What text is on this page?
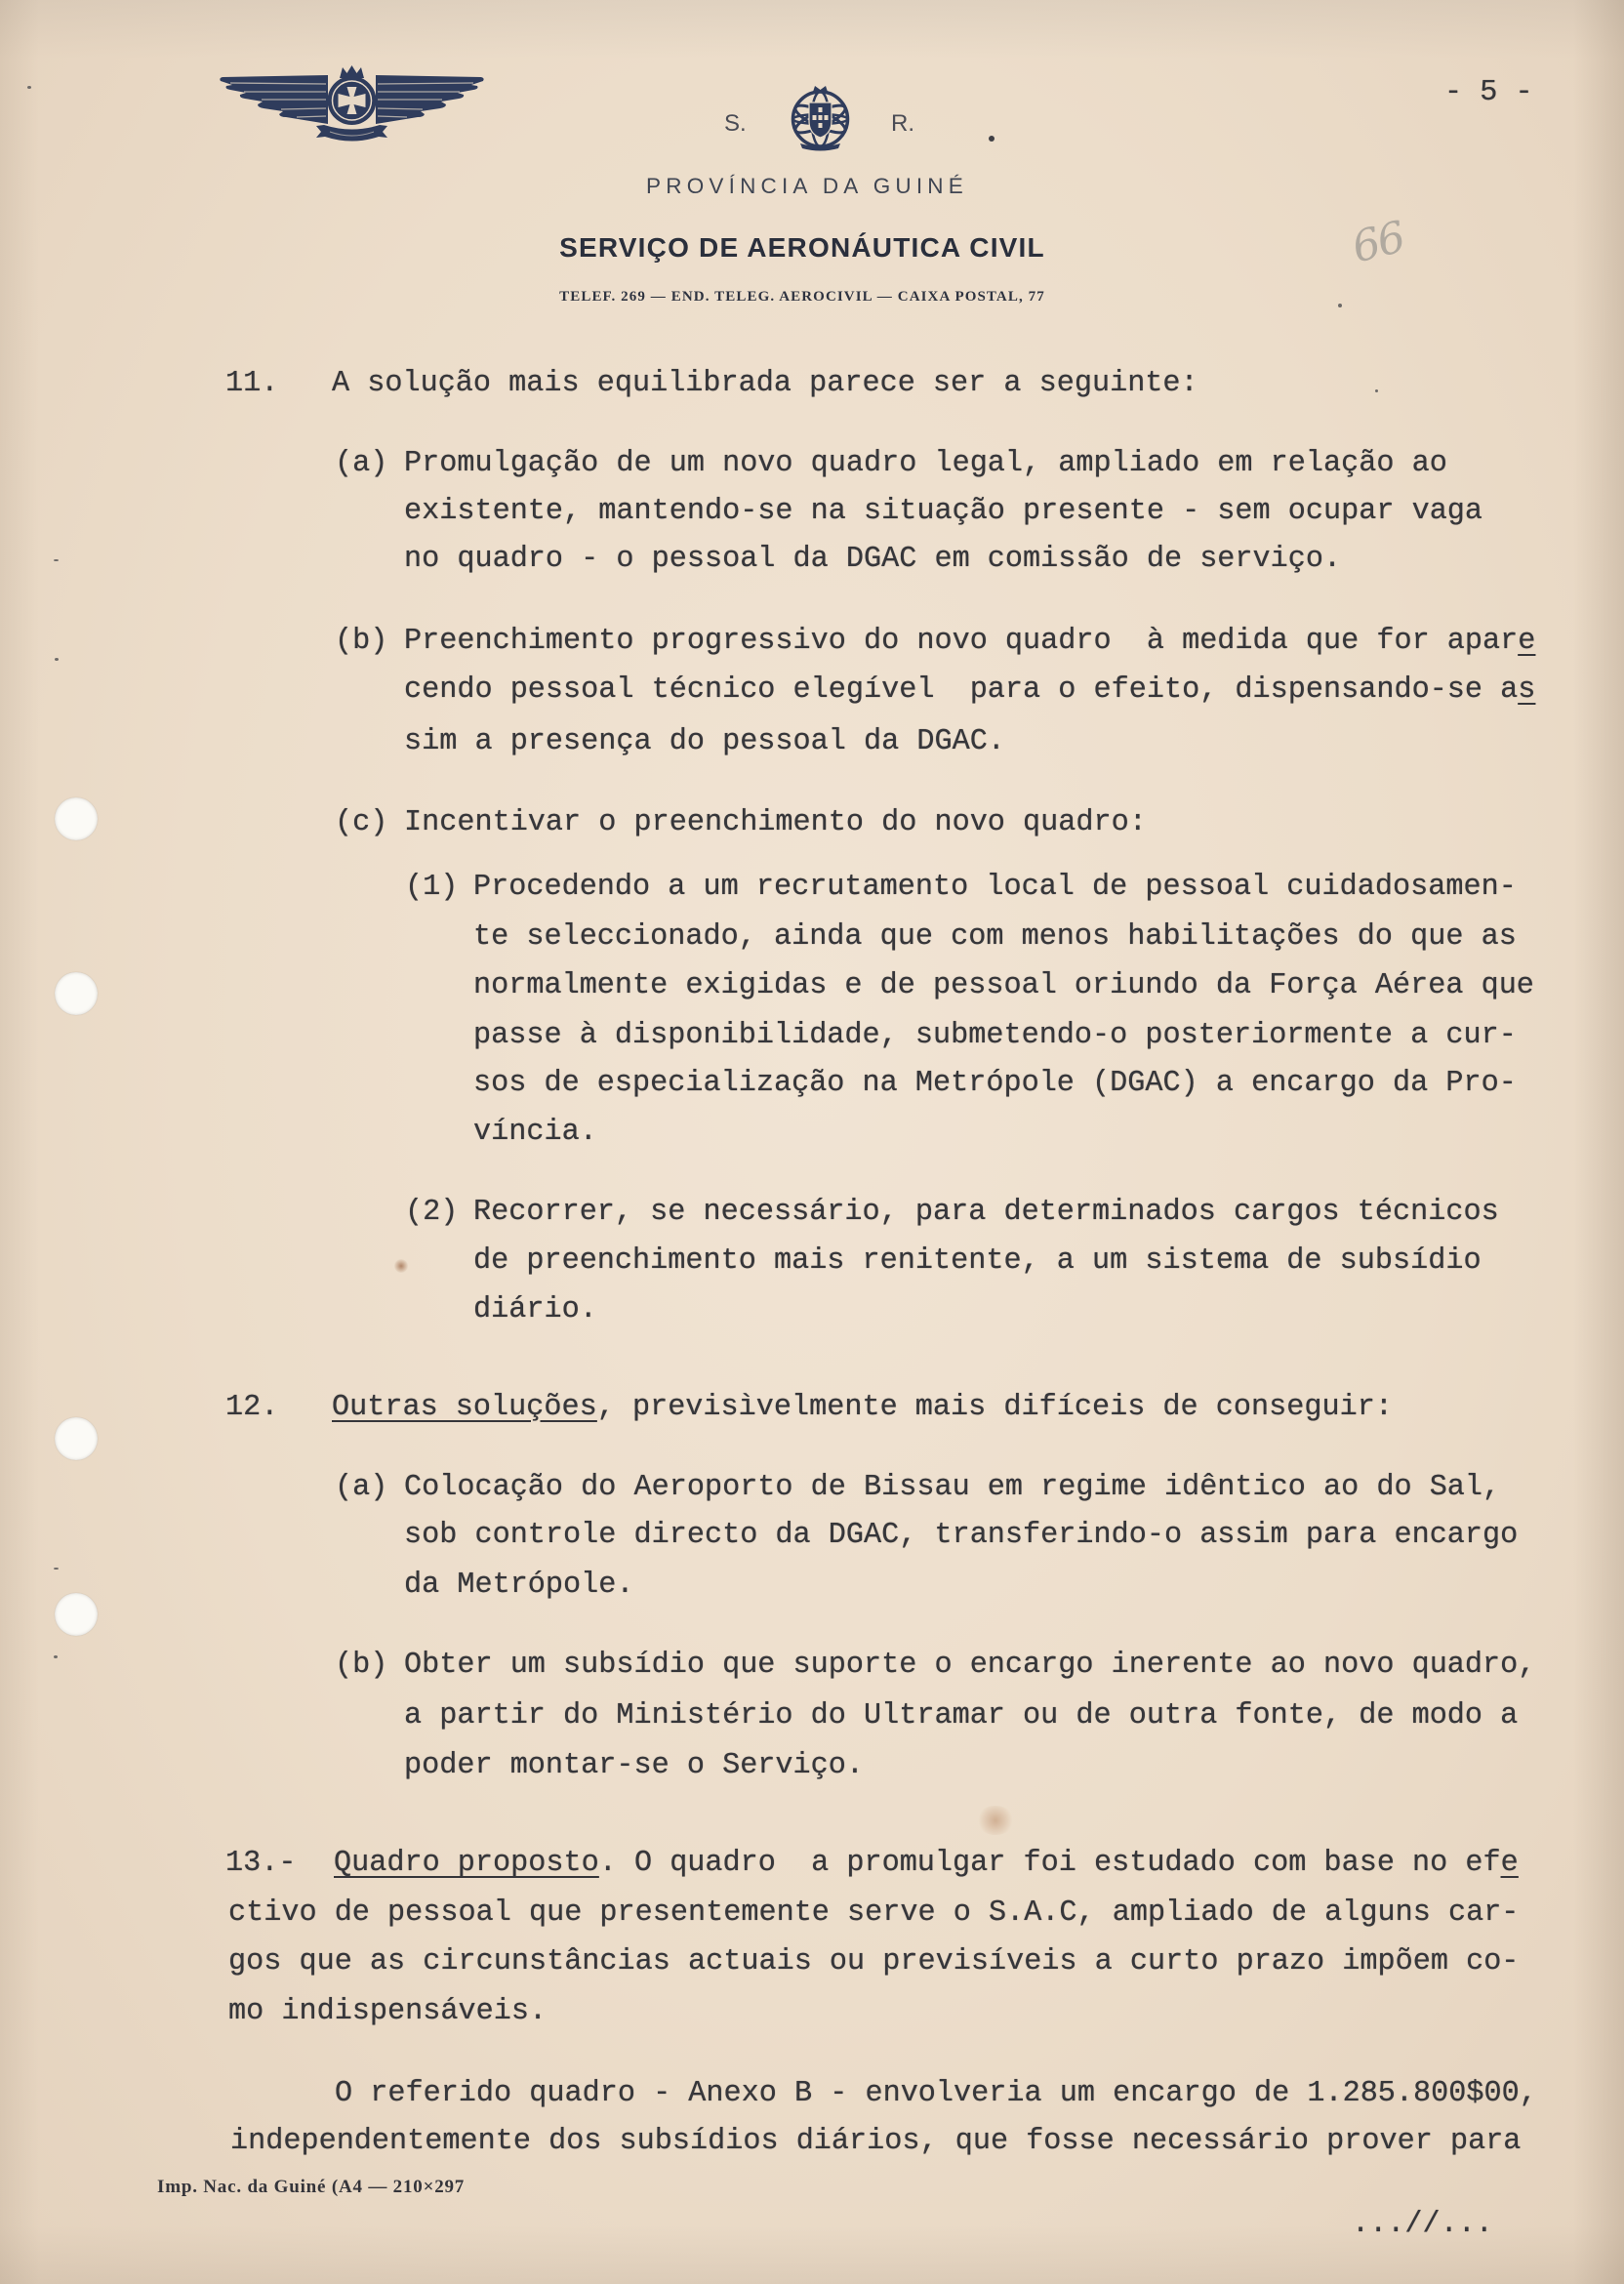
S.	R.
PROVÍNCIA DA GUINÉ
SERVIÇO DE AERONÁUTICA CIVIL
TELEF. 269 — END. TELEG. AEROCIVIL — CAIXA POSTAL, 77
- 5 -
66
11. A solução mais equilibrada parece ser a seguinte:
(a) Promulgação de um novo quadro legal, ampliado em relação ao
existente, mantendo-se na situação presente - sem ocupar vaga
no quadro - o pessoal da DGAC em comissão de serviço.
(b) Preenchimento progressivo do novo quadro  à medida que for apare
cendo pessoal técnico elegível  para o efeito, dispensando-se as
sim a presença do pessoal da DGAC.
(c) Incentivar o preenchimento do novo quadro:
(1) Procedendo a um recrutamento local de pessoal cuidadosamen-
te seleccionado, ainda que com menos habilitações do que as
normalmente exigidas e de pessoal oriundo da Força Aérea que
passe à disponibilidade, submetendo-o posteriormente a cur-
sos de especialização na Metrópole (DGAC) a encargo da Pro-
víncia.
(2) Recorrer, se necessário, para determinados cargos técnicos
de preenchimento mais renitente, a um sistema de subsídio
diário.
12. Outras soluções, previsìvelmente mais difíceis de conseguir:
(a) Colocação do Aeroporto de Bissau em regime idêntico ao do Sal,
sob controle directo da DGAC, transferindo-o assim para encargo
da Metrópole.
(b) Obter um subsídio que suporte o encargo inerente ao novo quadro,
a partir do Ministério do Ultramar ou de outra fonte, de modo a
poder montar-se o Serviço.
13.- Quadro proposto. O quadro  a promulgar foi estudado com base no efe
ctivo de pessoal que presentemente serve o S.A.C, ampliado de alguns car-
gos que as circunstâncias actuais ou previsíveis a curto prazo impõem co-
mo indispensáveis.
O referido quadro - Anexo B - envolveria um encargo de 1.285.800$00,
independentemente dos subsídios diários, que fosse necessário prover para
Imp. Nac. da Guiné (A4 — 210×297
...//...
